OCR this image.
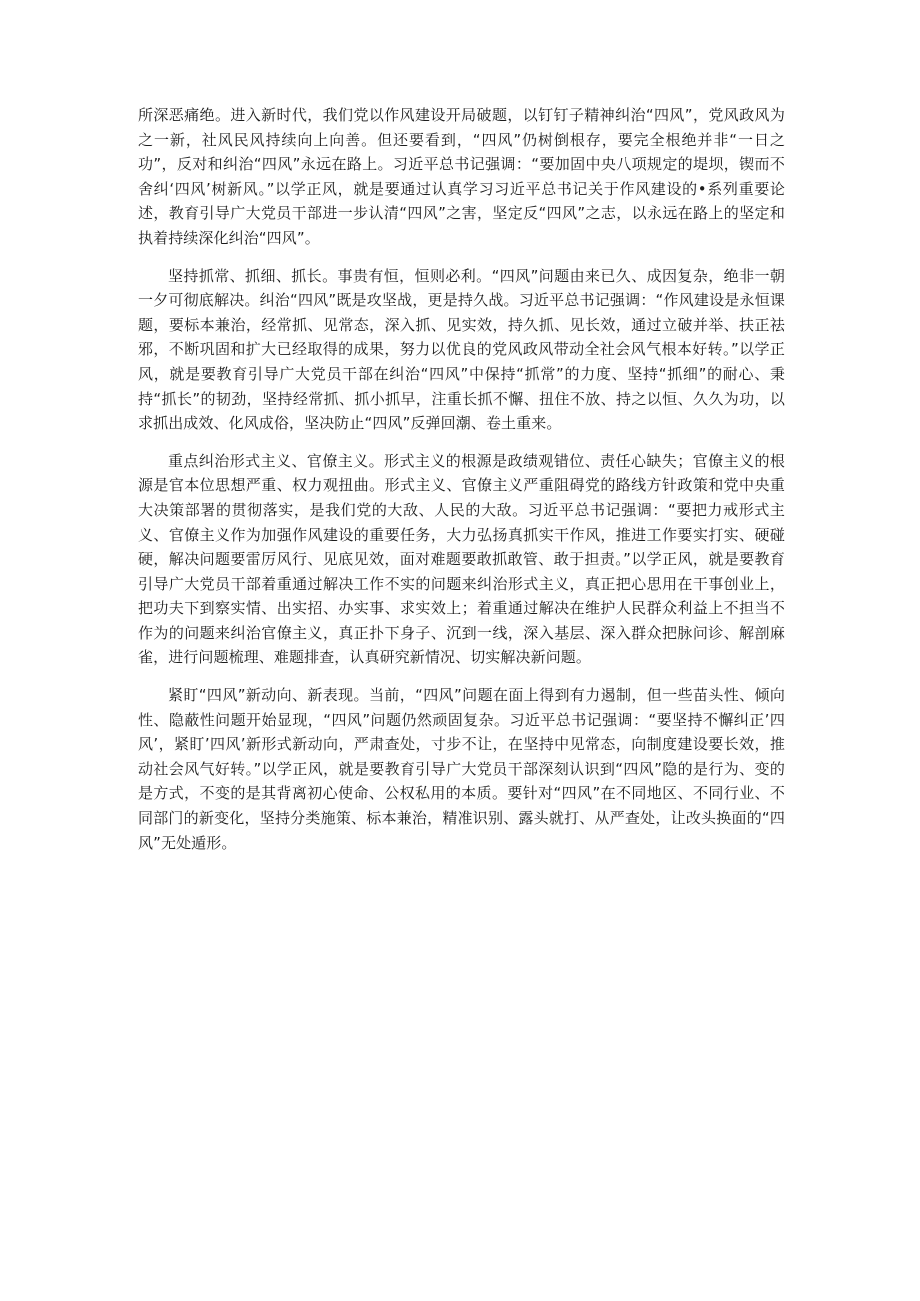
所深恶痛绝。进入新时代，我们党以作风建设开局破题，以钉钉子精神纠治“四风”，党风政风为之一新，社风民风持续向上向善。但还要看到，“四风”仍树倒根存，要完全根绝并非“一日之功”，反对和纠治“四风”永远在路上。习近平总书记强调：“要加固中央八项规定的堤坝，锲而不舍纠‘四风’树新风。”以学正风，就是要通过认真学习习近平总书记关于作风建设的•系列重要论述，教育引导广大党员干部进一步认清“四风”之害，坚定反“四风”之志，以永远在路上的坚定和执着持续深化纠治“四风”。

坚持抓常、抓细、抓长。事贵有恒，恒则必利。“四风”问题由来已久、成因复杂，绝非一朝一夕可彻底解决。纠治“四风”既是攻坚战，更是持久战。习近平总书记强调：“作风建设是永恒课题，要标本兼治，经常抓、见常态，深入抓、见实效，持久抓、见长效，通过立破并举、扶正祛邪，不断巩固和扩大已经取得的成果，努力以优良的党风政风带动全社会风气根本好转。”以学正风，就是要教育引导广大党员干部在纠治“四风”中保持“抓常”的力度、坚持“抓细”的耐心、秉持“抓长”的韧劲，坚持经常抓、抓小抓早，注重长抓不懈、扭住不放、持之以恒、久久为功，以求抓出成效、化风成俗，坚决防止“四风”反弹回潮、卷土重来。

重点纠治形式主义、官僚主义。形式主义的根源是政绩观错位、责任心缺失；官僚主义的根源是官本位思想严重、权力观扭曲。形式主义、官僚主义严重阻碍党的路线方针政策和党中央重大决策部署的贯彻落实，是我们党的大敌、人民的大敌。习近平总书记强调：“要把力戒形式主义、官僚主义作为加强作风建设的重要任务，大力弘扬真抓实干作风，推进工作要实打实、硬碰硬，解决问题要雷厉风行、见底见效，面对难题要敢抓敢管、敢于担责。”以学正风，就是要教育引导广大党员干部着重通过解决工作不实的问题来纠治形式主义，真正把心思用在干事创业上，把功夫下到察实情、出实招、办实事、求实效上；着重通过解决在维护人民群众利益上不担当不作为的问题来纠治官僚主义，真正扑下身子、沉到一线，深入基层、深入群众把脉问诊、解剖麻雀，进行问题梳理、难题排查，认真研究新情况、切实解决新问题。

紧盯“四风”新动向、新表现。当前，“四风”问题在面上得到有力遏制，但一些苗头性、倾向性、隐蔽性问题开始显现，“四风”问题仍然顽固复杂。习近平总书记强调：“要坚持不懈纠正’四风’，紧盯’四风’新形式新动向，严肃查处，寸步不让，在坚持中见常态，向制度建设要长效，推动社会风气好转。”以学正风，就是要教育引导广大党员干部深刻认识到“四风”隐的是行为、变的是方式，不变的是其背离初心使命、公权私用的本质。要针对“四风”在不同地区、不同行业、不同部门的新变化，坚持分类施策、标本兼治，精准识别、露头就打、从严查处，让改头换面的“四风”无处遁形。
